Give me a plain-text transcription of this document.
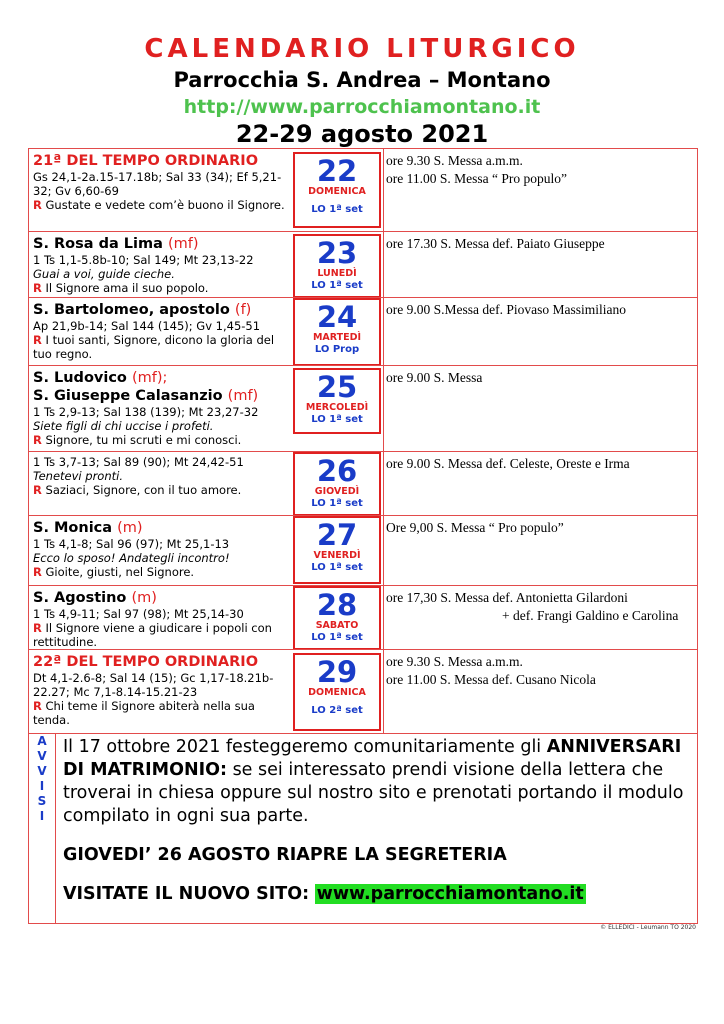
CALENDARIO LITURGICO
Parrocchia S. Andrea – Montano
http://www.parrocchiamontano.it
22-29 agosto 2021
21ª DEL TEMPO ORDINARIO
Gs 24,1-2a.15-17.18b; Sal 33 (34); Ef 5,21-32; Gv 6,60-69
R Gustate e vedete com’è buono il Signore.
22
DOMENICA
LO 1ª set
ore 9.30 S. Messa a.m.m.
ore 11.00 S. Messa “ Pro populo”
S. Rosa da Lima (mf)
1 Ts 1,1-5.8b-10; Sal 149; Mt 23,13-22
Guai a voi, guide cieche.
R Il Signore ama il suo popolo.
23
LUNEDÌ
LO 1ª set
ore 17.30 S. Messa def. Paiato Giuseppe
S. Bartolomeo, apostolo (f)
Ap 21,9b-14; Sal 144 (145); Gv 1,45-51
R I tuoi santi, Signore, dicono la gloria del tuo regno.
24
MARTEDÌ
LO Prop
ore 9.00 S.Messa def. Piovaso Massimiliano
S. Ludovico (mf);
S. Giuseppe Calasanzio (mf)
1 Ts 2,9-13; Sal 138 (139); Mt 23,27-32
Siete figli di chi uccise i profeti.
R Signore, tu mi scruti e mi conosci.
25
MERCOLEDÌ
LO 1ª set
ore 9.00 S. Messa
1 Ts 3,7-13; Sal 89 (90); Mt 24,42-51
Tenetevi pronti.
R Saziaci, Signore, con il tuo amore.
26
GIOVEDÌ
LO 1ª set
ore 9.00 S. Messa def. Celeste, Oreste e Irma
S. Monica (m)
1 Ts 4,1-8; Sal 96 (97); Mt 25,1-13
Ecco lo sposo! Andategli incontro!
R Gioite, giusti, nel Signore.
27
VENERDÌ
LO 1ª set
Ore 9,00 S. Messa “ Pro populo”
S. Agostino (m)
1 Ts 4,9-11; Sal 97 (98); Mt 25,14-30
R Il Signore viene a giudicare i popoli con rettitudine.
28
SABATO
LO 1ª set
ore 17,30 S. Messa def. Antonietta Gilardoni
+ def. Frangi Galdino e Carolina
22ª DEL TEMPO ORDINARIO
Dt 4,1-2.6-8; Sal 14 (15); Gc 1,17-18.21b-22.27; Mc 7,1-8.14-15.21-23
R Chi teme il Signore abiterà nella sua tenda.
29
DOMENICA
LO 2ª set
ore 9.30 S. Messa a.m.m.
ore 11.00 S. Messa def. Cusano Nicola
A
V
V
I
S
I
Il 17 ottobre 2021 festeggeremo comunitariamente gli ANNIVERSARI DI MATRIMONIO: se sei interessato prendi visione della lettera che troverai in chiesa oppure sul nostro sito e prenotati portando il modulo compilato in ogni sua parte.
GIOVEDI’ 26 AGOSTO RIAPRE LA SEGRETERIA
VISITATE IL NUOVO SITO: www.parrocchiamontano.it
© ELLEDICI - Leumann TO 2020
